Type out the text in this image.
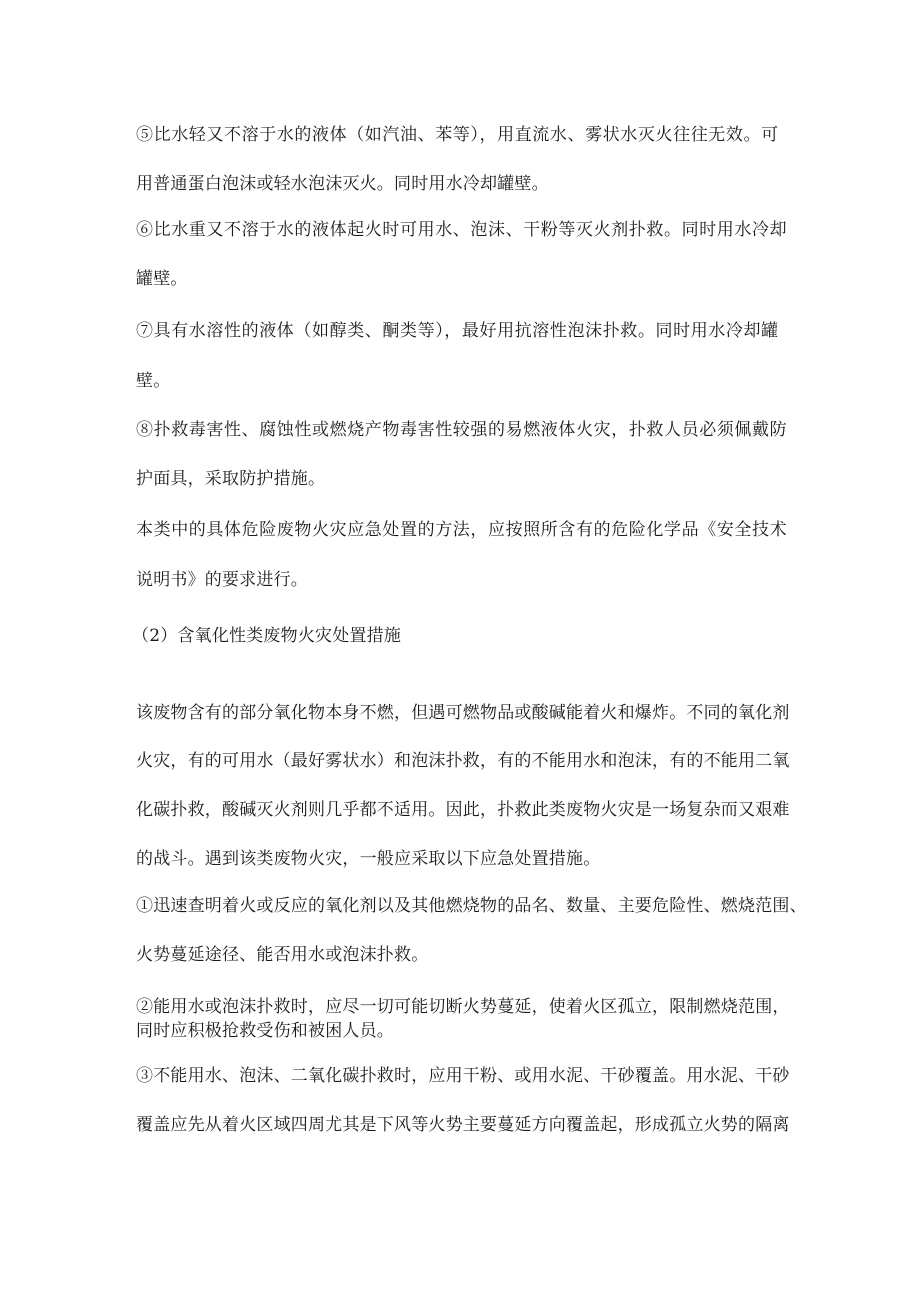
⑤比水轻又不溶于水的液体（如汽油、苯等），用直流水、雾状水灭火往往无效。可
用普通蛋白泡沫或轻水泡沫灭火。同时用水冷却罐壁。
⑥比水重又不溶于水的液体起火时可用水、泡沫、干粉等灭火剂扑救。同时用水冷却
罐壁。
⑦具有水溶性的液体（如醇类、酮类等），最好用抗溶性泡沫扑救。同时用水冷却罐
壁。
⑧扑救毒害性、腐蚀性或燃烧产物毒害性较强的易燃液体火灾，扑救人员必须佩戴防
护面具，采取防护措施。
本类中的具体危险废物火灾应急处置的方法，应按照所含有的危险化学品《安全技术
说明书》的要求进行。
（2）含氧化性类废物火灾处置措施
该废物含有的部分氧化物本身不燃，但遇可燃物品或酸碱能着火和爆炸。不同的氧化剂
火灾，有的可用水（最好雾状水）和泡沫扑救，有的不能用水和泡沫，有的不能用二氧
化碳扑救，酸碱灭火剂则几乎都不适用。因此，扑救此类废物火灾是一场复杂而又艰难
的战斗。遇到该类废物火灾，一般应采取以下应急处置措施。
①迅速查明着火或反应的氧化剂以及其他燃烧物的品名、数量、主要危险性、燃烧范围、
火势蔓延途径、能否用水或泡沫扑救。
②能用水或泡沫扑救时，应尽一切可能切断火势蔓延，使着火区孤立，限制燃烧范围，
同时应积极抢救受伤和被困人员。
③不能用水、泡沫、二氧化碳扑救时，应用干粉、或用水泥、干砂覆盖。用水泥、干砂
覆盖应先从着火区域四周尤其是下风等火势主要蔓延方向覆盖起，形成孤立火势的隔离
